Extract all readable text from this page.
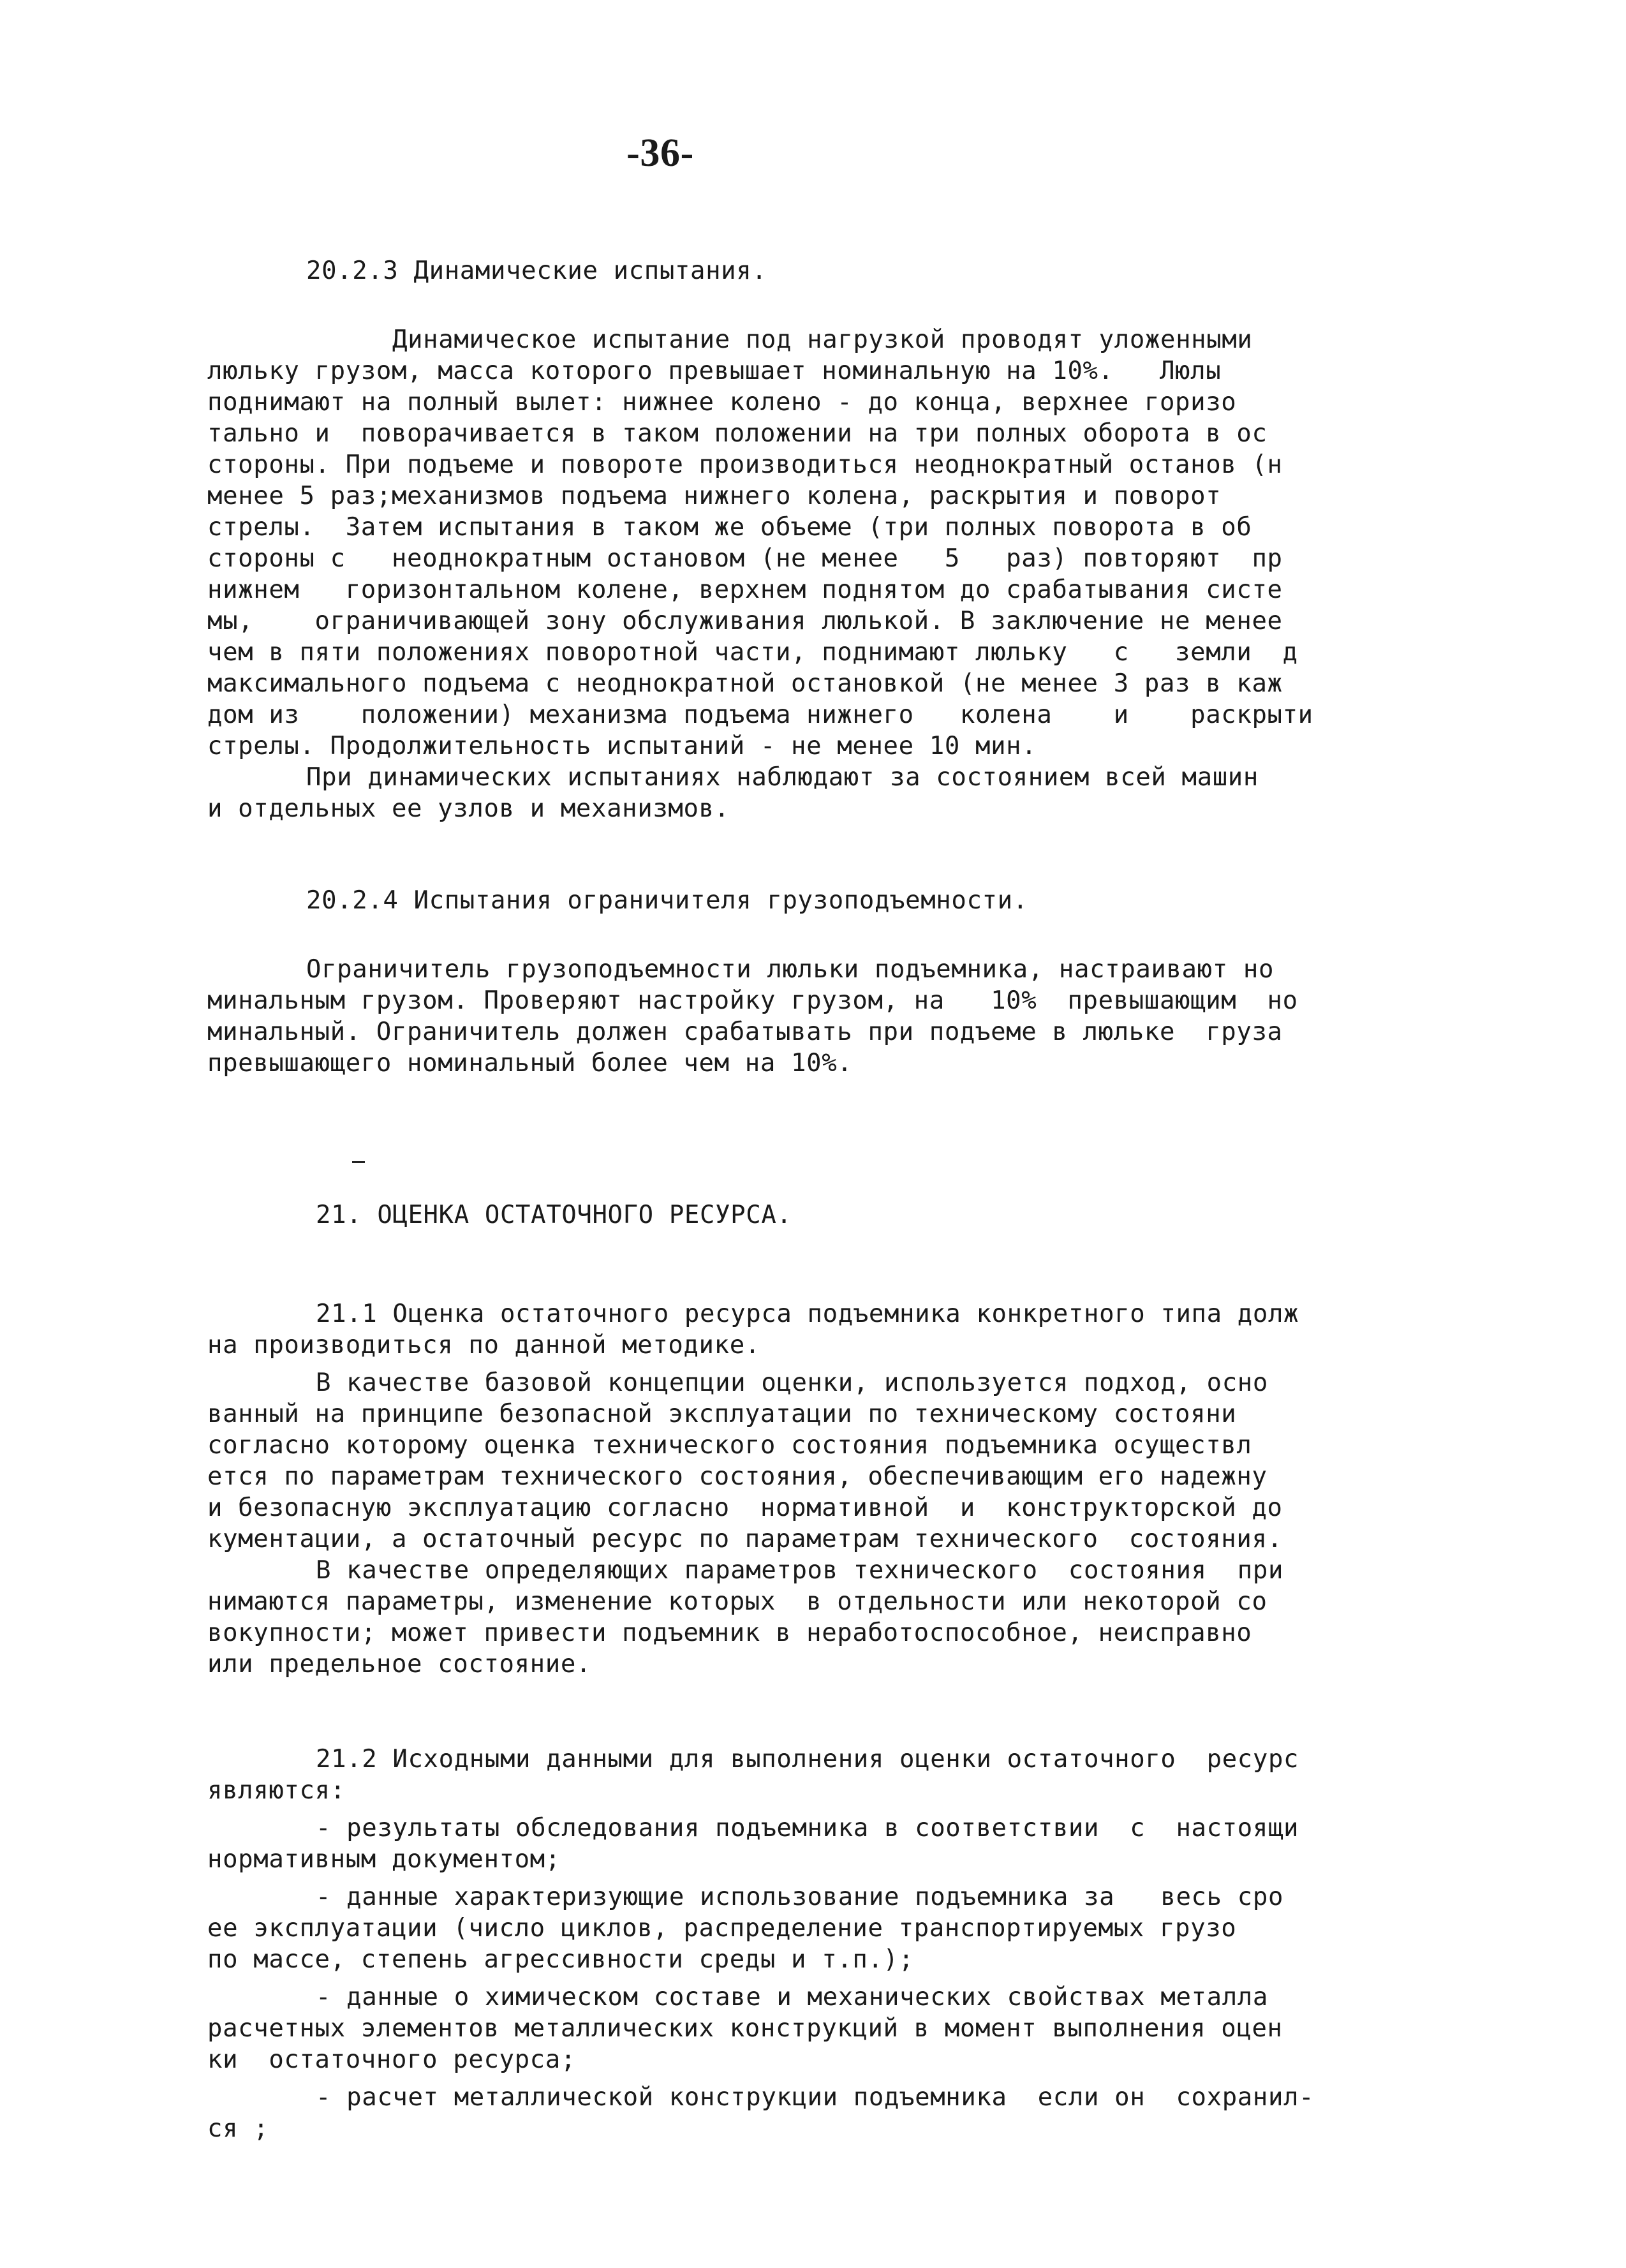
-36-
20.2.3 Динамические испытания.
Динамическое испытание под нагрузкой проводят уложенными
люльку грузом, масса которого превышает номинальную на 10%.   Люлы
поднимают на полный вылет: нижнее колено - до конца, верхнее горизо
тально и  поворачивается в таком положении на три полных оборота в ос
стороны. При подъеме и повороте производиться неоднократный останов (н
менее 5 раз;механизмов подъема нижнего колена, раскрытия и поворот
стрелы.  Затем испытания в таком же объеме (три полных поворота в об
стороны с   неоднократным остановом (не менее   5   раз) повторяют  пр
нижнем   горизонтальном колене, верхнем поднятом до срабатывания систе
мы,    ограничивающей зону обслуживания люлькой. В заключение не менее
чем в пяти положениях поворотной части, поднимают люльку   с   земли  д
максимального подъема с неоднократной остановкой (не менее 3 раз в каж
дом из    положении) механизма подъема нижнего   колена    и    раскрыти
стрелы. Продолжительность испытаний - не менее 10 мин.
При динамических испытаниях наблюдают за состоянием всей машин
и отдельных ее узлов и механизмов.
20.2.4 Испытания ограничителя грузоподъемности.
Ограничитель грузоподъемности люльки подъемника, настраивают но
минальным грузом. Проверяют настройку грузом, на   10%  превышающим  но
минальный. Ограничитель должен срабатывать при подъеме в люльке  груза
превышающего номинальный более чем на 10%.
21. ОЦЕНКА ОСТАТОЧНОГО РЕСУРСА.
21.1 Оценка остаточного ресурса подъемника конкретного типа долж
на производиться по данной методике.
В качестве базовой концепции оценки, используется подход, осно
ванный на принципе безопасной эксплуатации по техническому состояни
согласно которому оценка технического состояния подъемника осуществл
ется по параметрам технического состояния, обеспечивающим его надежну
и безопасную эксплуатацию согласно  нормативной  и  конструкторской до
кументации, а остаточный ресурс по параметрам технического  состояния.
В качестве определяющих параметров технического  состояния  при
нимаются параметры, изменение которых  в отдельности или некоторой со
вокупности; может привести подъемник в неработоспособное, неисправно
или предельное состояние.
21.2 Исходными данными для выполнения оценки остаточного  ресурс
являются:
- результаты обследования подъемника в соответствии  с  настоящи
нормативным документом;
- данные характеризующие использование подъемника за   весь сро
ее эксплуатации (число циклов, распределение транспортируемых грузо
по массе, степень агрессивности среды и т.п.);
- данные о химическом составе и механических свойствах металла
расчетных элементов металлических конструкций в момент выполнения оцен
ки  остаточного ресурса;
- расчет металлической конструкции подъемника  если он  сохранил-
ся ;
